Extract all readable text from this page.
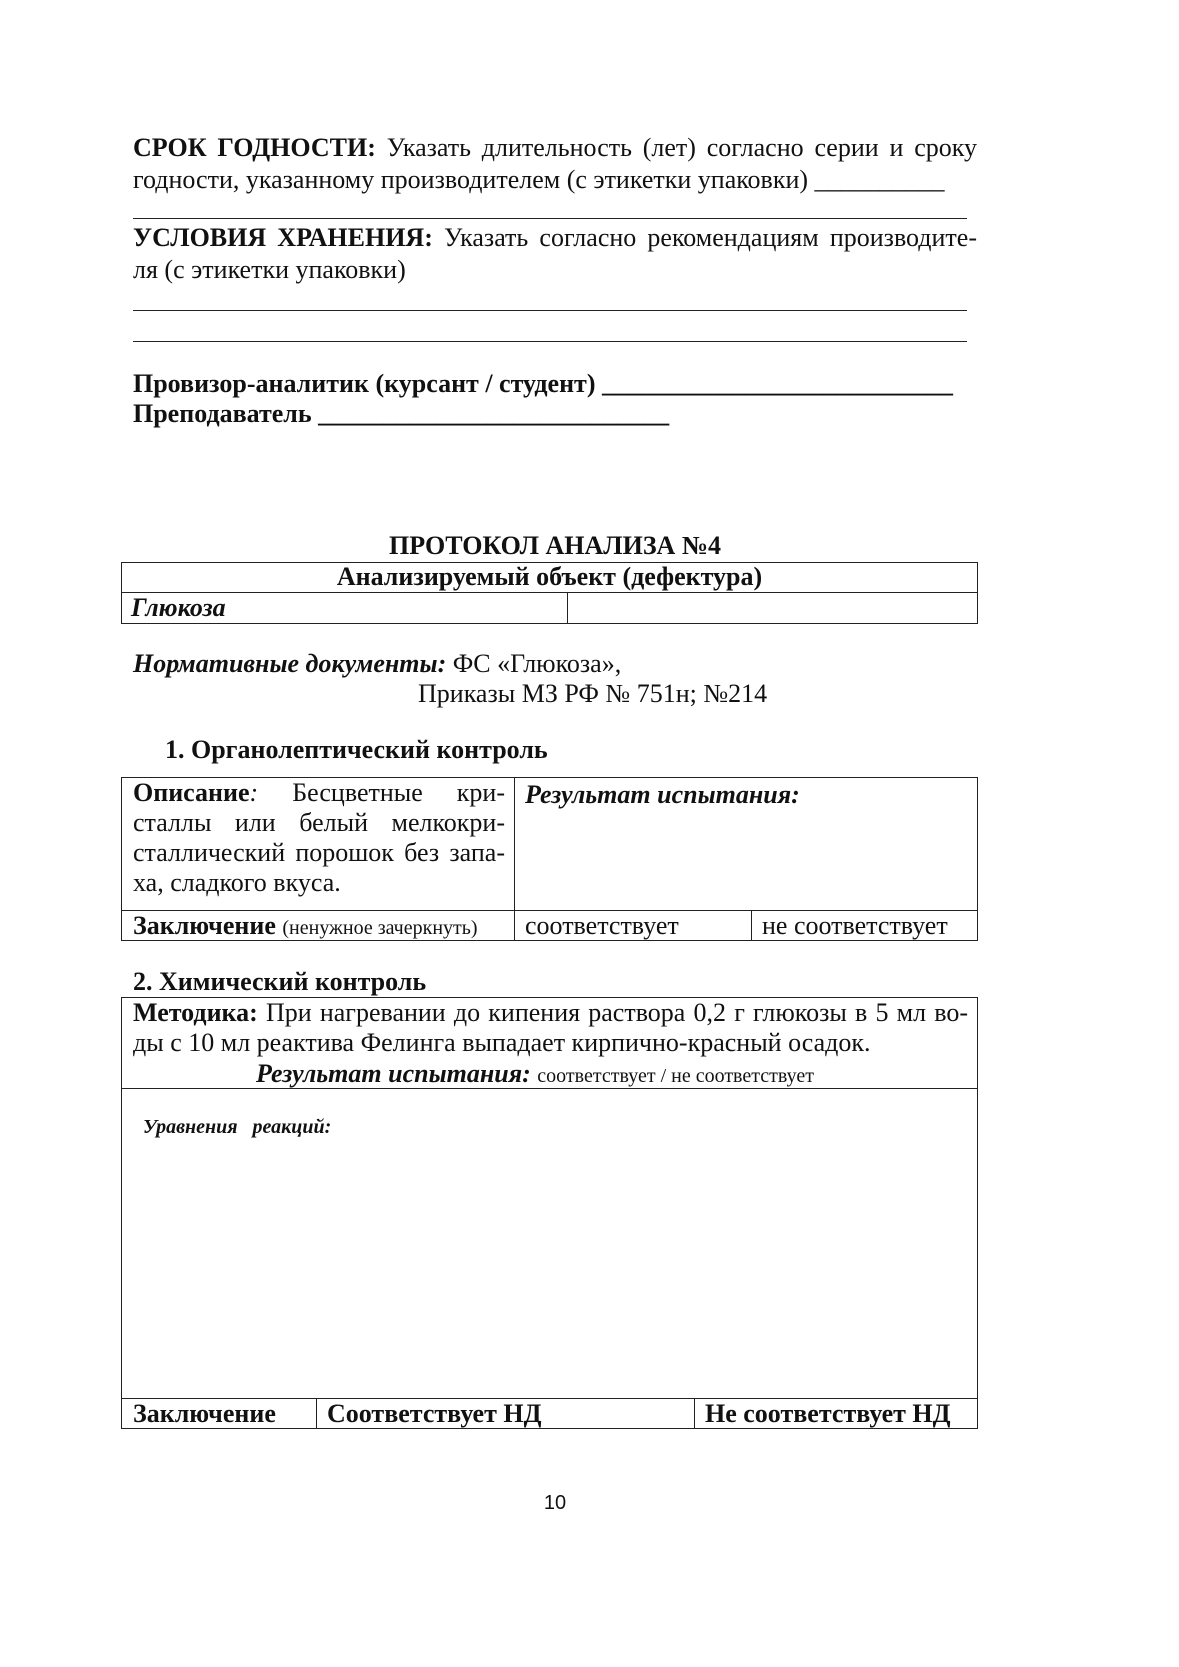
СРОК ГОДНОСТИ: Указать длительность (лет) согласно серии и сроку
годности, указанному производителем (с этикетки упаковки) __________
УСЛОВИЯ ХРАНЕНИЯ: Указать согласно рекомендациям производите-
ля (с этикетки упаковки)
Провизор-аналитик (курсант / студент) ___________________________
Преподаватель ___________________________
ПРОТОКОЛ АНАЛИЗА №4
Анализируемый объект (дефектура)
Глюкоза
Нормативные документы: ФС «Глюкоза»,
Приказы МЗ РФ № 751н; №214
1. Органолептический контроль
Описание: Бесцветные кри-
сталлы или белый мелкокри-
сталлический порошок без запа-
ха, сладкого вкуса.
Результат испытания:
Заключение (ненужное зачеркнуть) соответствует	не соответствует
2. Химический контроль
Методика: При нагревании до кипения раствора 0,2 г глюкозы в 5 мл во-
ды с 10 мл реактива Фелинга выпадает кирпично-красный осадок.
Результат испытания: соответствует / не соответствует

Уравнения   реакций:

Заключение Соответствует НД	Не соответствует НД
10
